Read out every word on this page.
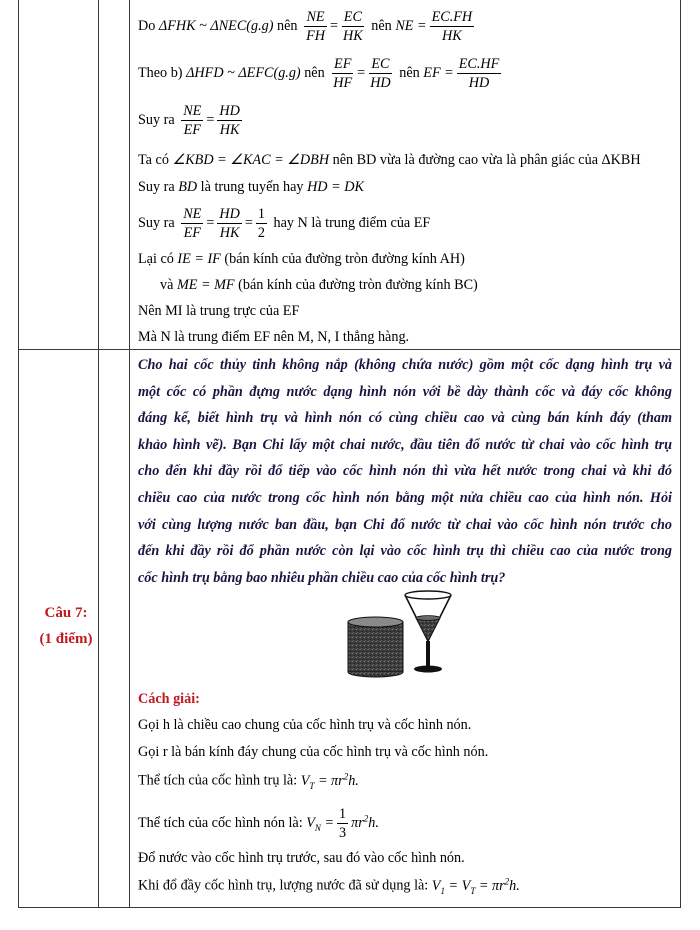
Do ΔFHK ~ ΔNEC(g.g) nên $\frac{NE}{FH} = \frac{EC}{HK}$ nên NE = $\frac{EC.FH}{HK}$
Theo b) ΔHFD ~ ΔEFC(g.g) nên $\frac{EF}{HF} = \frac{EC}{HD}$ nên EF = $\frac{EC.HF}{HD}$
Suy ra $\frac{NE}{EF} = \frac{HD}{HK}$
Ta có ∠KBD = ∠KAC = ∠DBH nên BD vừa là đường cao vừa là phân giác của ΔKBH
Suy ra BD là trung tuyến hay HD = DK
Suy ra $\frac{NE}{EF} = \frac{HD}{HK} = \frac{1}{2}$ hay N là trung điểm của EF
Lại có IE = IF (bán kính của đường tròn đường kính AH)
và ME = MF (bán kính của đường tròn đường kính BC)
Nên MI là trung trực của EF
Mà N là trung điểm EF nên M, N, I thẳng hàng.
Câu 7:
(1 điểm)
Cho hai cốc thủy tinh không nắp (không chứa nước) gồm một cốc dạng hình trụ và
một cốc có phần đựng nước dạng hình nón với bề dày thành cốc và đáy cốc không
đáng kể, biết hình trụ và hình nón có cùng chiều cao và cùng bán kính đáy (tham
khảo hình vẽ). Bạn Chi lấy một chai nước, đầu tiên đổ nước từ chai vào cốc hình trụ
cho đến khi đầy rồi đổ tiếp vào cốc hình nón thì vừa hết nước trong chai và khi đó
chiều cao của nước trong cốc hình nón bằng một nửa chiều cao của hình nón. Hỏi
với cùng lượng nước ban đầu, bạn Chi đổ nước từ chai vào cốc hình nón trước cho
đến khi đầy rồi đổ phần nước còn lại vào cốc hình trụ thì chiều cao của nước trong
cốc hình trụ bằng bao nhiêu phần chiều cao của cốc hình trụ?
Cách giải:
Gọi h là chiều cao chung của cốc hình trụ và cốc hình nón.
Gọi r là bán kính đáy chung của cốc hình trụ và cốc hình nón.
Thể tích của cốc hình trụ là: $V_T = \pi r^2h$.
Thể tích của cốc hình nón là: $V_N = \frac{1}{3} \pi r^2h$.
Đổ nước vào cốc hình trụ trước, sau đó vào cốc hình nón.
Khi đổ đầy cốc hình trụ, lượng nước đã sử dụng là: $V_1 = V_T = \pi r^2h$.
